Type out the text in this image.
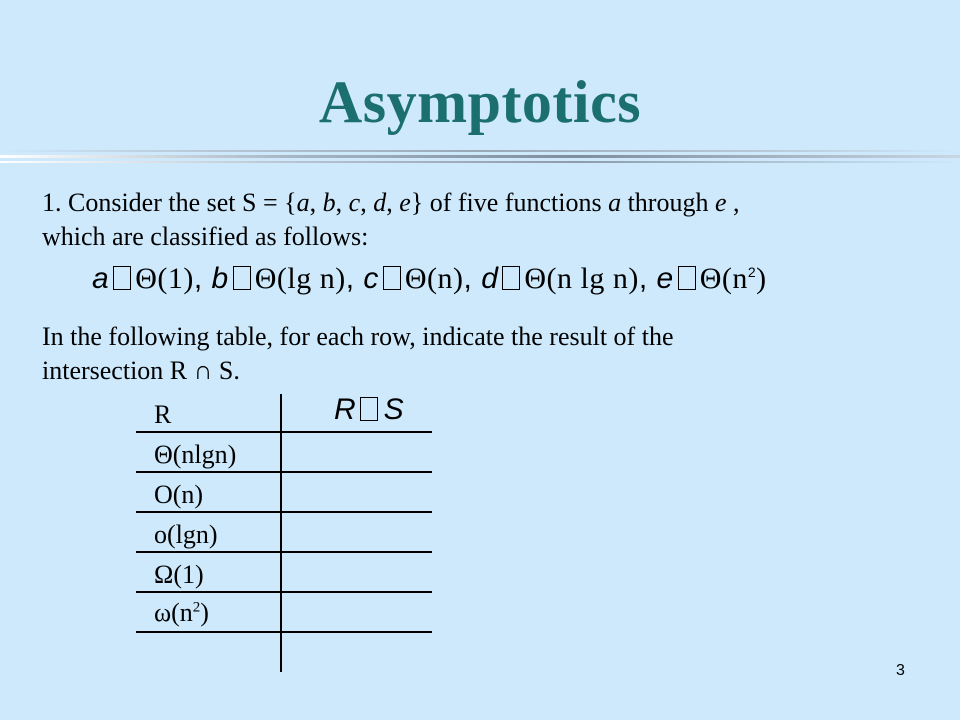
Asymptotics
1. Consider the set S = {a, b, c, d, e} of five functions a through e ,
which are classified as follows:
a Θ(1), b Θ(lg n), c Θ(n), d Θ(n lg n), e $\Theta(n^2)$
In the following table, for each row, indicate the result of the
intersection R ∩ S.
R	R S
Θ(nlgn)
O(n)
o(lgn)
Ω(1)
$\omega(n^2)$
3
